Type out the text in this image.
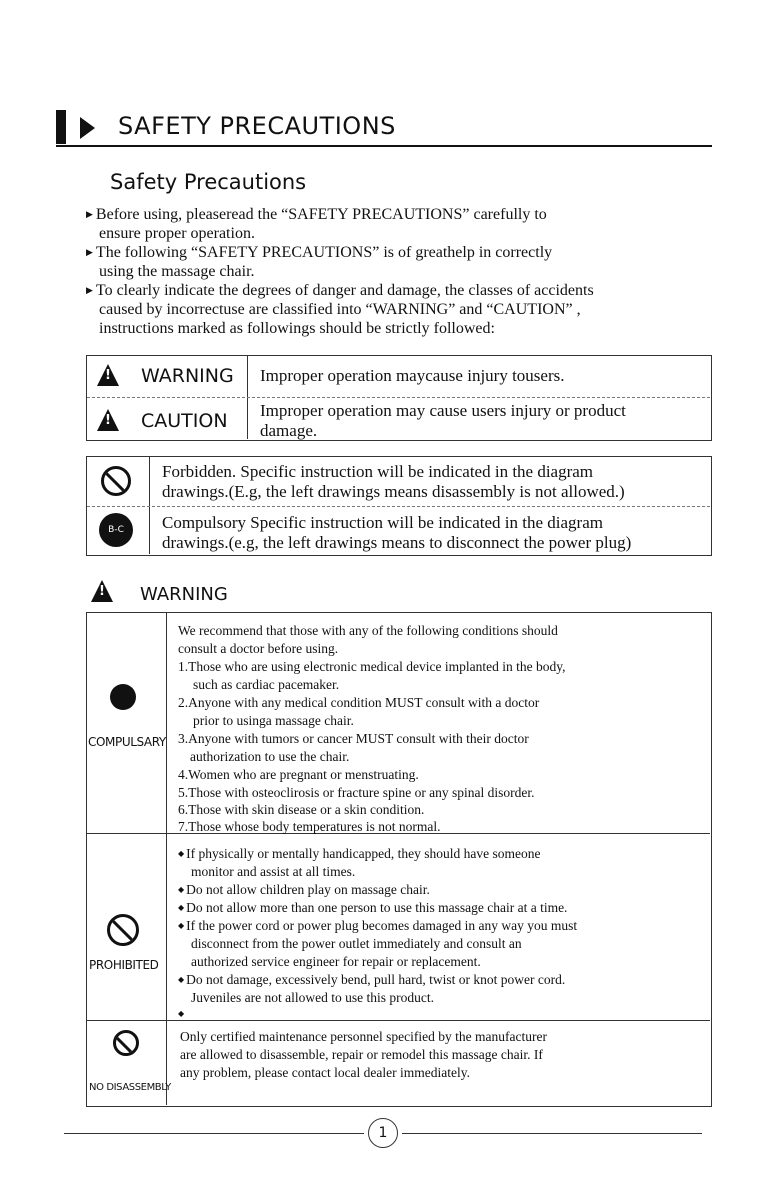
SAFETY PRECAUTIONS
Safety Precautions

▶ Before using, pleaseread the “SAFETY PRECAUTIONS” carefully to

ensure proper operation.

▶ The following “SAFETY PRECAUTIONS” is of greathelp in correctly

using the massage chair.

▶ To clearly indicate the degrees of danger and damage, the classes of accidents

caused by incorrectuse are classified into “WARNING” and “CAUTION” ,

instructions marked as followings should be strictly followed:

! WARNING Improper operation maycause injury tousers.
! CAUTION Improper operation may cause users injury or product
damage.
Forbidden. Specific instruction will be indicated in the diagram
drawings.(E.g, the left drawings means disassembly is not allowed.)
B-C	Compulsory Specific instruction will be indicated in the diagram
drawings.(e.g, the left drawings means to disconnect the power plug)
! WARNING
COMPULSARY
We recommend that those with any of the following conditions should
consult a doctor before using.
1.Those who are using electronic medical device implanted in the body,
such as cardiac pacemaker.
2.Anyone with any medical condition MUST consult with a doctor
prior to usinga massage chair.
3.Anyone with tumors or cancer MUST consult with their doctor
authorization to use the chair.
4.Women who are pregnant or menstruating.
5.Those with osteoclirosis or fracture spine or any spinal disorder.
6.Those with skin disease or a skin condition.
7.Those whose body temperatures is not normal.
PROHIBITED
◆ If physically or mentally handicapped, they should have someone
monitor and assist at all times.
◆ Do not allow children play on massage chair.
◆ Do not allow more than one person to use this massage chair at a time.
◆ If the power cord or power plug becomes damaged in any way you must
disconnect from the power outlet immediately and consult an
authorized service engineer for repair or replacement.
◆ Do not damage, excessively bend, pull hard, twist or knot power cord.
Juveniles are not allowed to use this product.
◆
NO DISASSEMBLY
Only certified maintenance personnel specified by the manufacturer
are allowed to disassemble, repair or remodel this massage chair. If
any problem, please contact local dealer immediately.
1
